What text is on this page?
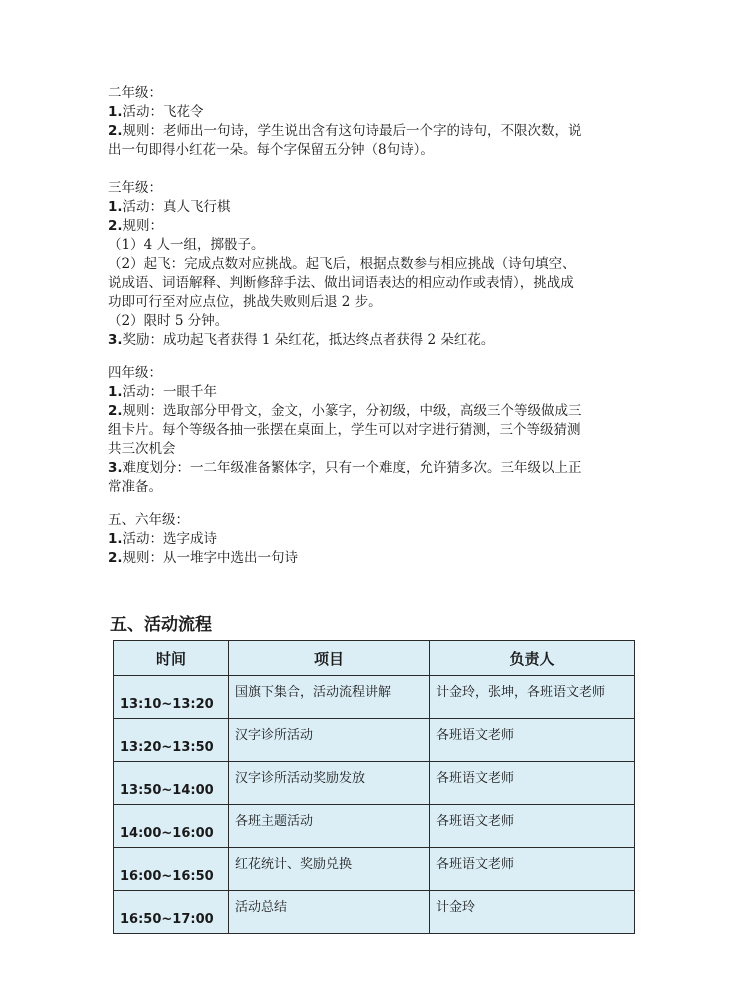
二年级：
1.活动：飞花令
2.规则：老师出一句诗，学生说出含有这句诗最后一个字的诗句，不限次数，说
出一句即得小红花一朵。每个字保留五分钟（8句诗）。
三年级：
1.活动：真人飞行棋
2.规则：
（1）4 人一组，掷骰子。
（2）起飞：完成点数对应挑战。起飞后，根据点数参与相应挑战（诗句填空、
说成语、词语解释、判断修辞手法、做出词语表达的相应动作或表情），挑战成
功即可行至对应点位，挑战失败则后退 2 步。
（2）限时 5 分钟。
3.奖励：成功起飞者获得 1 朵红花，抵达终点者获得 2 朵红花。
四年级：
1.活动：一眼千年
2.规则：选取部分甲骨文，金文，小篆字，分初级，中级，高级三个等级做成三
组卡片。每个等级各抽一张摆在桌面上，学生可以对字进行猜测，三个等级猜测
共三次机会
3.难度划分：一二年级准备繁体字，只有一个难度，允许猜多次。三年级以上正
常准备。
五、六年级：
1.活动：选字成诗
2.规则：从一堆字中选出一句诗
五、活动流程
时间	项目	负责人
13:10~13:20	国旗下集合，活动流程讲解	计金玲，张坤，各班语文老师
13:20~13:50	汉字诊所活动	各班语文老师
13:50~14:00	汉字诊所活动奖励发放	各班语文老师
14:00~16:00	各班主题活动	各班语文老师
16:00~16:50	红花统计、奖励兑换	各班语文老师
16:50~17:00	活动总结	计金玲
